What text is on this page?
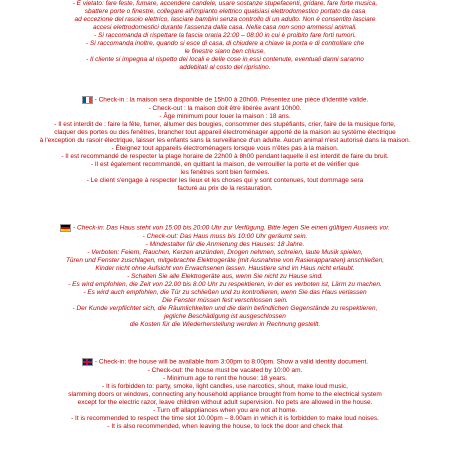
- È vietato: fare feste, fumare, accendere candele, usare sostanze stupefacenti, gridare, fare forte musica,
sbattere porte o finestre, collegare all'impianto elettrico qualsiasi elettrodomestico portato da casa
ad eccezione del rasoio elettrico, lasciare bambini senza controllo di un adulto. Non è consentito lasciare
accesi elettrodomestici durante l'assenza dalla casa. Nella casa non sono ammessi animali.
- Si raccomanda di rispettare la fascia oraria 22:00 – 08:00 in cui è proibito fare forti rumori.
- Si raccomanda inoltre, quando si esce di casa, di chiudere a chiave la porta e di controllare che
le finestre siano ben chiuse.
- Il cliente si impegna al rispetto dei locali e delle cose in essi contenute, eventuali danni saranno
addebitati al costo del ripristino.
- Check-in : la maison sera disponible de 15h00 à 20h00. Présentez une pièce d'identité valide.
- Check-out : la maison doit être libérée avant 10h00.
- Âge minimum pour louer la maison : 18 ans.
- Il est interdit de : faire la fête, fumer, allumer des bougies, consommer des stupéfiants, crier, faire de la musique forte,
claquer des portes ou des fenêtres, brancher tout appareil électroménager apporté de la maison au système électrique
à l'exception du rasoir électrique, laisser les enfants sans la surveillance d'un adulte. Aucun animal n'est autorisé dans la maison.
- Éteignez tout appareils électroménagers lorsque vous n'êtes pas à la maison.
- Il est recommandé de respecter la plage horaire de 22h00 à 8h00 pendant laquelle il est interdit de faire du bruit.
- Il est également recommandé, en quittant la maison, de verrouiller la porte et de vérifier que
les fenêtres sont bien fermées.
- Le client s'engage à respecter les lieux et les choses qui y sont contenues, tout dommage sera
facturé au prix de la restauration.
- Check-in: Das Haus steht von 15:00 bis 20:00 Uhr zur Verfügung. Bitte legen Sie einen gültigen Ausweis vor.
- Check-out: Das Haus muss bis 10:00 Uhr geräumt sein.
- Mindestalter für die Anmietung des Hauses: 18 Jahre.
- Verboten: Feiern, Rauchen, Kerzen anzünden, Drogen nehmen, schreien, laute Musik spielen,
Türen und Fenster zuschlagen, mitgebrachte Elektrogeräte (mit Ausnahme von Rasierapparaten) anschließen,
Kinder nicht ohne Aufsicht von Erwachsenen lassen. Haustiere sind im Haus nicht erlaubt.
- Schalten Sie alle Elektrogeräte aus, wenn Sie nicht zu Hause sind.
- Es wird empfohlen, die Zeit von 22.00 bis 8.00 Uhr zu respektieren, in der es verboten ist, Lärm zu machen.
- Es wird auch empfohlen, die Tür zu schließen und zu kontrollieren, wenn Sie das Haus verlassen
Die Fenster müssen fest verschlossen sein.
- Der Kunde verpflichtet sich, die Räumlichkeiten und die darin befindlichen Gegenstände zu respektieren,
jegliche Beschädigung ist ausgeschlossen
die Kosten für die Wiederherstellung werden in Rechnung gestellt.
- Check-in: the house will be available from 3:00pm to 8:00pm. Show a valid identity document.
- Check-out: the house must be vacated by 10:00 am.
- Minimum age to rent the house: 18 years.
- It is forbidden to: party, smoke, light candles, use narcotics, shout, make loud music,
slamming doors or windows, connecting any household appliance brought from home to the electrical system
except for the electric razor, leave children without adult supervision. No pets are allowed in the house.
- Turn off allappliances when you are not at home.
- It is recommended to respect the time slot 10.00pm – 8.00am in which it is forbidden to make loud noises.
- It is also recommended, when leaving the house, to lock the door and check that
